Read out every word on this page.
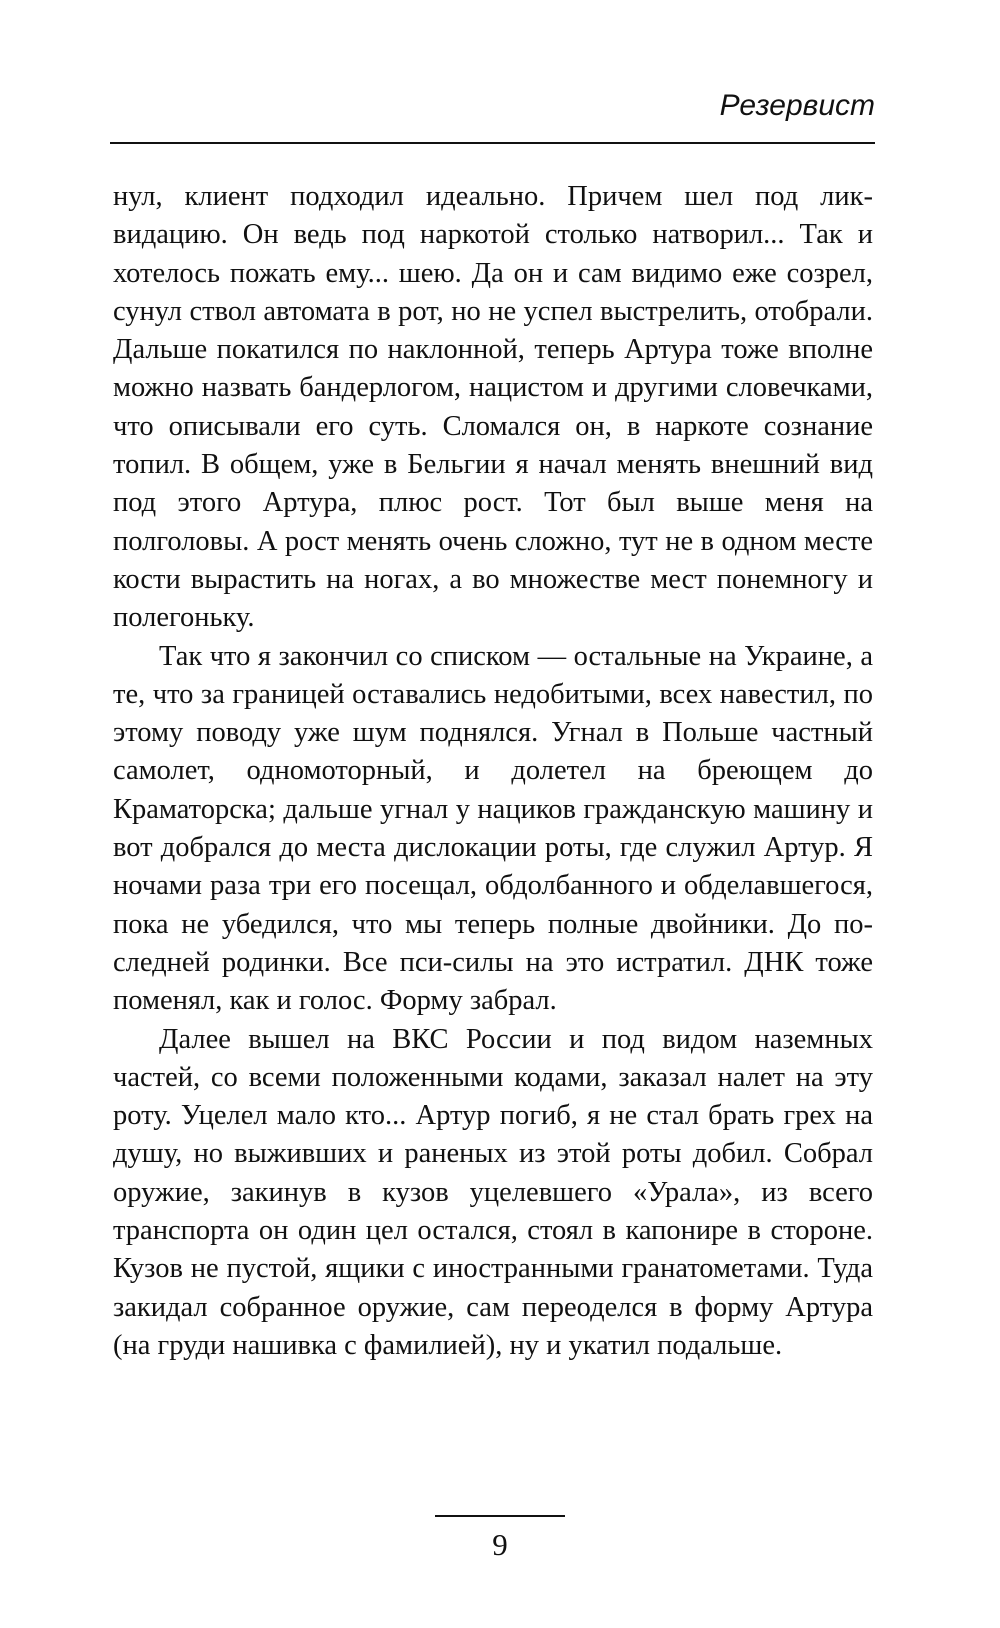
Резервист

нул, клиент подходил идеально. Причем шел под ликвидацию. Он ведь под наркотой столько натворил... Так и хотелось пожать ему... шею. Да он и сам видимо еже созрел, сунул ствол автомата в рот, но не успел выстрелить, отобрали. Дальше покатился по наклонной, теперь Артура тоже вполне можно назвать бандерлогом, нацистом и другими словечками, что описывали его суть. Сломался он, в наркоте сознание топил. В общем, уже в Бельгии я начал менять внешний вид под этого Артура, плюс рост. Тот был выше меня на полголовы. А рост менять очень сложно, тут не в одном месте кости вырастить на ногах, а во множестве мест понемногу и полегоньку.

Так что я закончил со списком — остальные на Украине, а те, что за границей оставались недобитыми, всех навестил, по этому поводу уже шум поднялся. Угнал в Польше частный самолет, одномоторный, и долетел на бреющем до Краматорска; дальше угнал у нациков гражданскую машину и вот добрался до места дислокации роты, где служил Артур. Я ночами раза три его посещал, обдолбанного и обделавшегося, пока не убедился, что мы теперь полные двойники. До последней родинки. Все пси-силы на это истратил. ДНК тоже поменял, как и голос. Форму забрал.

Далее вышел на ВКС России и под видом наземных частей, со всеми положенными кодами, заказал налет на эту роту. Уцелел мало кто... Артур погиб, я не стал брать грех на душу, но выживших и раненых из этой роты добил. Собрал оружие, закинув в кузов уцелевшего «Урала», из всего транспорта он один цел остался, стоял в капонире в стороне. Кузов не пустой, ящики с иностранными гранатометами. Туда закидал собранное оружие, сам переоделся в форму Артура (на груди нашивка с фамилией), ну и укатил подальше.

9
